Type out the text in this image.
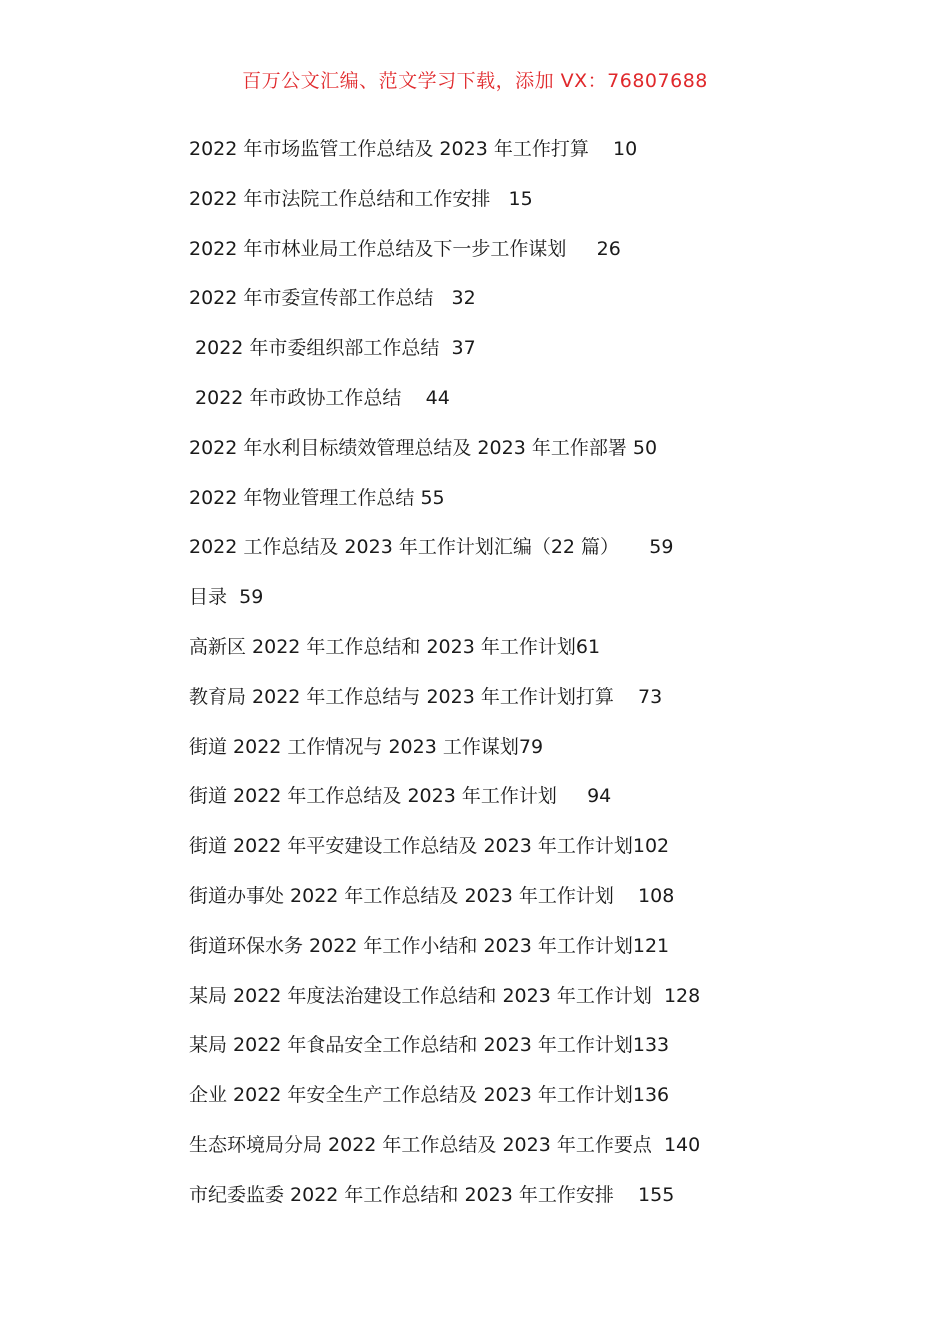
百万公文汇编、范文学习下载，添加 VX：76807688
2022 年市场监管工作总结及 2023 年工作打算 10
2022 年市法院工作总结和工作安排 15
2022 年市林业局工作总结及下一步工作谋划 26
2022 年市委宣传部工作总结 32
2022 年市委组织部工作总结 37
2022 年市政协工作总结 44
2022 年水利目标绩效管理总结及 2023 年工作部署 50
2022 年物业管理工作总结 55
2022 工作总结及 2023 年工作计划汇编（22 篇） 59
目录 59
高新区 2022 年工作总结和 2023 年工作计划61
教育局 2022 年工作总结与 2023 年工作计划打算 73
街道 2022 工作情况与 2023 工作谋划79
街道 2022 年工作总结及 2023 年工作计划 94
街道 2022 年平安建设工作总结及 2023 年工作计划102
街道办事处 2022 年工作总结及 2023 年工作计划 108
街道环保水务 2022 年工作小结和 2023 年工作计划121
某局 2022 年度法治建设工作总结和 2023 年工作计划 128
某局 2022 年食品安全工作总结和 2023 年工作计划133
企业 2022 年安全生产工作总结及 2023 年工作计划136
生态环境局分局 2022 年工作总结及 2023 年工作要点 140
市纪委监委 2022 年工作总结和 2023 年工作安排 155
